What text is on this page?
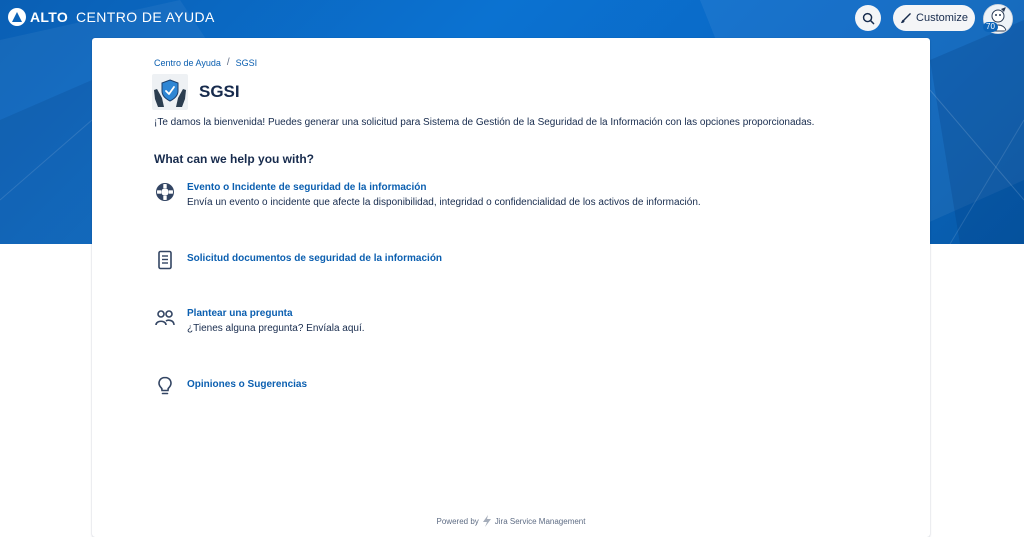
ALTO CENTRO DE AYUDA	Customize
70
Centro de Ayuda / SGSI
SGSI
¡Te damos la bienvenida! Puedes generar una solicitud para Sistema de Gestión de la Seguridad de la Información con las opciones proporcionadas.
What can we help you with?
Evento o Incidente de seguridad de la información
Envía un evento o incidente que afecte la disponibilidad, integridad o confidencialidad de los activos de información.
Solicitud documentos de seguridad de la información
Plantear una pregunta
¿Tienes alguna pregunta? Envíala aquí.
Opiniones o Sugerencias
Powered by Jira Service Management
